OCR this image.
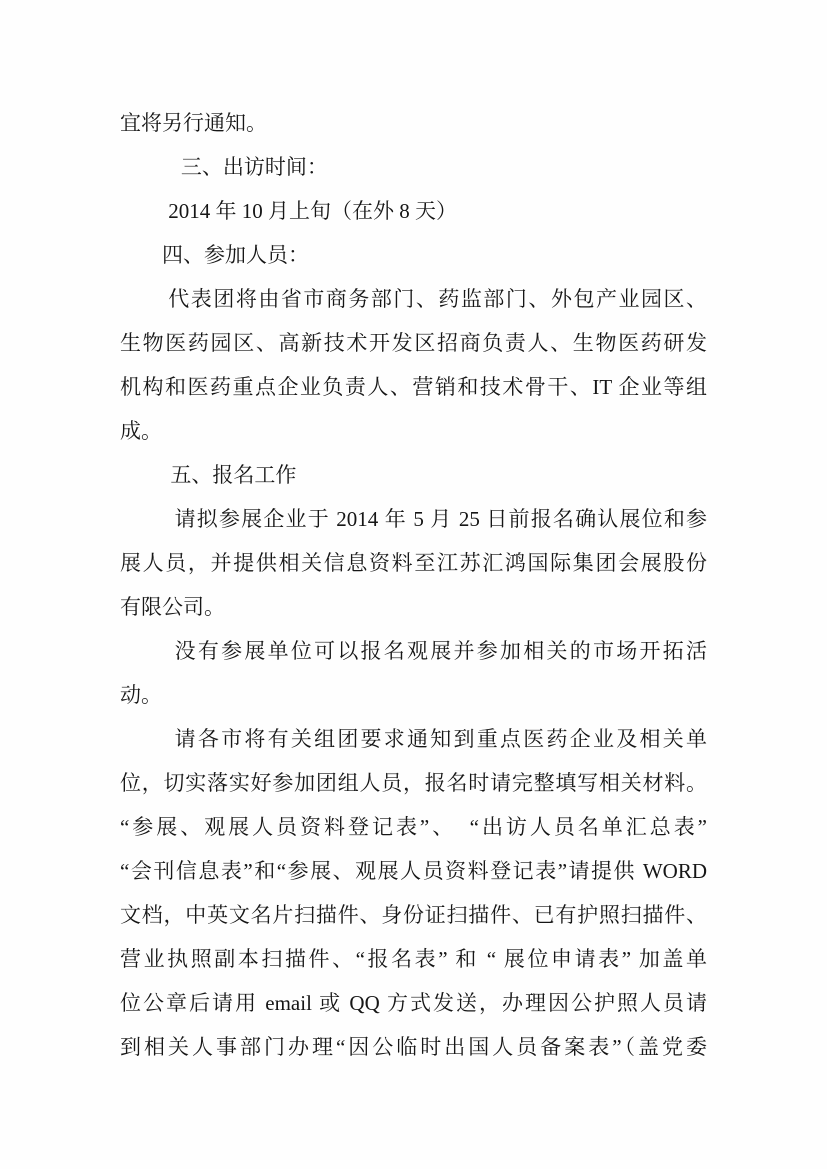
宜将另行通知。
三、出访时间：
2014 年 10 月上旬（在外 8 天）
四、参加人员：
代表团将由省市商务部门、药监部门、外包产业园区、
生物医药园区、高新技术开发区招商负责人、生物医药研发
机构和医药重点企业负责人、营销和技术骨干、IT 企业等组
成。
五、报名工作
请拟参展企业于 2014 年 5 月 25 日前报名确认展位和参
展人员，并提供相关信息资料至江苏汇鸿国际集团会展股份
有限公司。
没有参展单位可以报名观展并参加相关的市场开拓活
动。
请各市将有关组团要求通知到重点医药企业及相关单
位，切实落实好参加团组人员，报名时请完整填写相关材料。
“参展、观展人员资料登记表”、　“出访人员名单汇总表”
“会刊信息表”和“参展、观展人员资料登记表”请提供 WORD
文档，中英文名片扫描件、身份证扫描件、已有护照扫描件、
营业执照副本扫描件、“报名表” 和 “ 展位申请表” 加盖单
位公章后请用 email 或 QQ 方式发送，办理因公护照人员请
到相关人事部门办理“因公临时出国人员备案表”（盖党委
